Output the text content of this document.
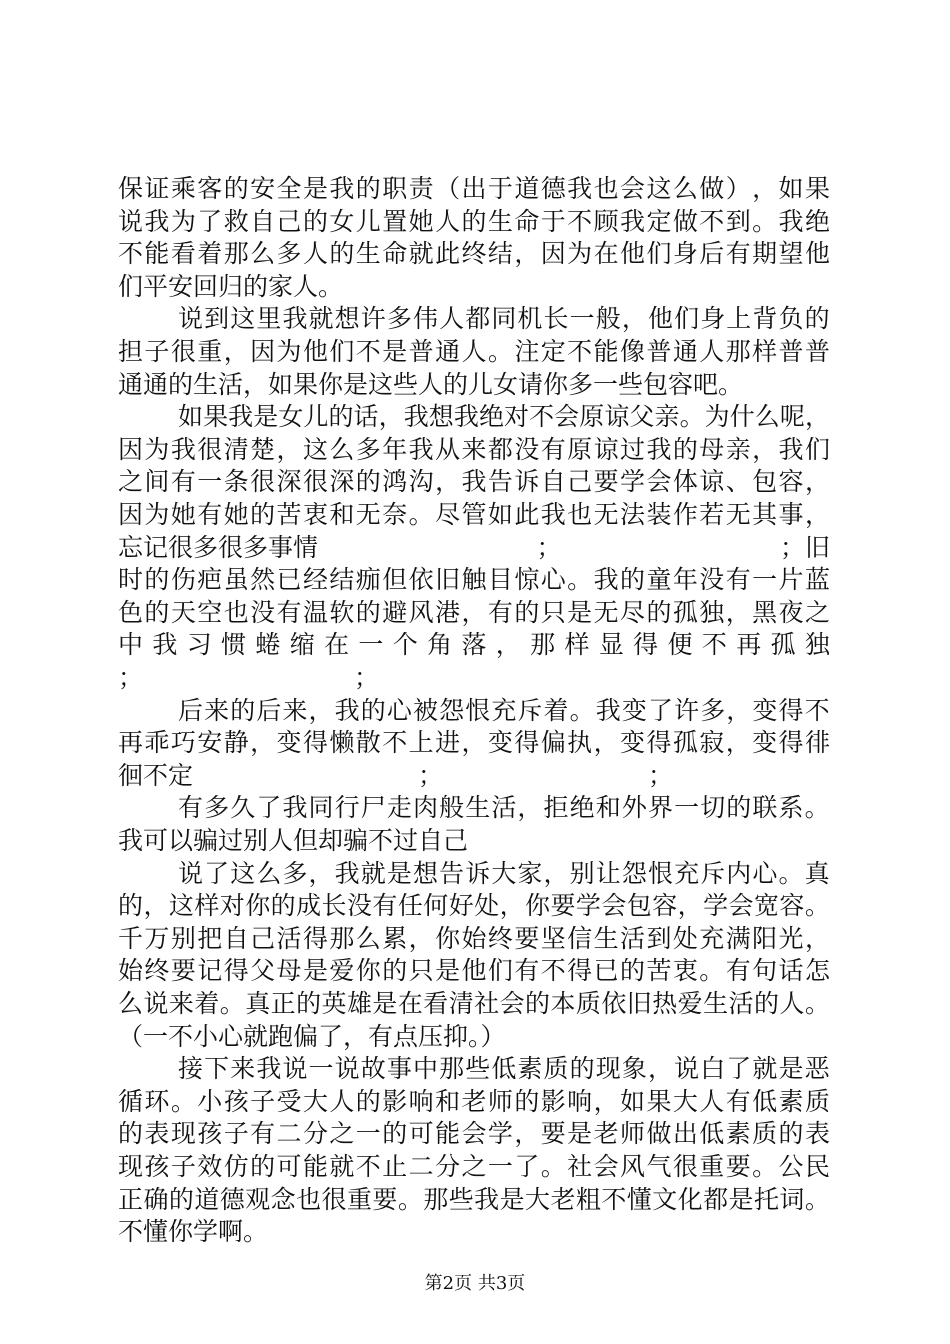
保 证 乘 客 的 安 全 是 我 的 职 责 （ 出 于 道 德 我 也 会 这 么 做 ） ， 如 果
说 我 为 了 救 自 己 的 女 儿 置 她 人 的 生 命 于 不 顾 我 定 做 不 到 。 我 绝
不 能 看 着 那 么 多 人 的 生 命 就 此 终 结 ， 因 为 在 他 们 身 后 有 期 望 他
们平安回归的家人。
说 到 这 里 我 就 想 许 多 伟 人 都 同 机 长 一 般 ， 他 们 身 上 背 负 的
担 子 很 重 ， 因 为 他 们 不 是 普 通 人 。 注 定 不 能 像 普 通 人 那 样 普 普
通通的生活，如果你是这些人的儿女请你多一些包容吧。
如 果 我 是 女 儿 的 话 ， 我 想 我 绝 对 不 会 原 谅 父 亲 。 为 什 么 呢 ，
因 为 我 很 清 楚 ， 这 么 多 年 我 从 来 都 没 有 原 谅 过 我 的 母 亲 ， 我 们
之 间 有 一 条 很 深 很 深 的 鸿 沟 ， 我 告 诉 自 己 要 学 会 体 谅 、 包 容 ，
因 为 她 有 她 的 苦 衷 和 无 奈 。 尽 管 如 此 我 也 无 法 装 作 若 无 其 事 ，
忘记很多很多事情	；	；旧
时 的 伤 疤 虽 然 已 经 结 痂 但 依 旧 触 目 惊 心 。 我 的 童 年 没 有 一 片 蓝
色 的 天 空 也 没 有 温 软 的 避 风 港 ， 有 的 只 是 无 尽 的 孤 独 ， 黑 夜 之
中 我 习 惯 蜷 缩 在 一 个 角 落 ， 那 样 显 得 便 不 再 孤 独
；	；
后 来 的 后 来 ， 我 的 心 被 怨 恨 充 斥 着 。 我 变 了 许 多 ， 变 得 不
再 乖 巧 安 静 ， 变 得 懒 散 不 上 进 ， 变 得 偏 执 ， 变 得 孤 寂 ， 变 得 徘
徊不定	；	；
有 多 久 了 我 同 行 尸 走 肉 般 生 活 ， 拒 绝 和 外 界 一 切 的 联 系 。
我可以骗过别人但却骗不过自己
说 了 这 么 多 ， 我 就 是 想 告 诉 大 家 ， 别 让 怨 恨 充 斥 内 心 。 真
的 ， 这 样 对 你 的 成 长 没 有 任 何 好 处 ， 你 要 学 会 包 容 ， 学 会 宽 容 。
千 万 别 把 自 己 活 得 那 么 累 ， 你 始 终 要 坚 信 生 活 到 处 充 满 阳 光 ，
始 终 要 记 得 父 母 是 爱 你 的 只 是 他 们 有 不 得 已 的 苦 衷 。 有 句 话 怎
么 说 来 着 。 真 正 的 英 雄 是 在 看 清 社 会 的 本 质 依 旧 热 爱 生 活 的 人 。
（一不小心就跑偏了，有点压抑。）
接 下 来 我 说 一 说 故 事 中 那 些 低 素 质 的 现 象 ， 说 白 了 就 是 恶
循 环 。 小 孩 子 受 大 人 的 影 响 和 老 师 的 影 响 ， 如 果 大 人 有 低 素 质
的 表 现 孩 子 有 二 分 之 一 的 可 能 会 学 ， 要 是 老 师 做 出 低 素 质 的 表
现 孩 子 效 仿 的 可 能 就 不 止 二 分 之 一 了 。 社 会 风 气 很 重 要 。 公 民
正 确 的 道 德 观 念 也 很 重 要 。 那 些 我 是 大 老 粗 不 懂 文 化 都 是 托 词 。
不懂你学啊。
第2页 共3页
